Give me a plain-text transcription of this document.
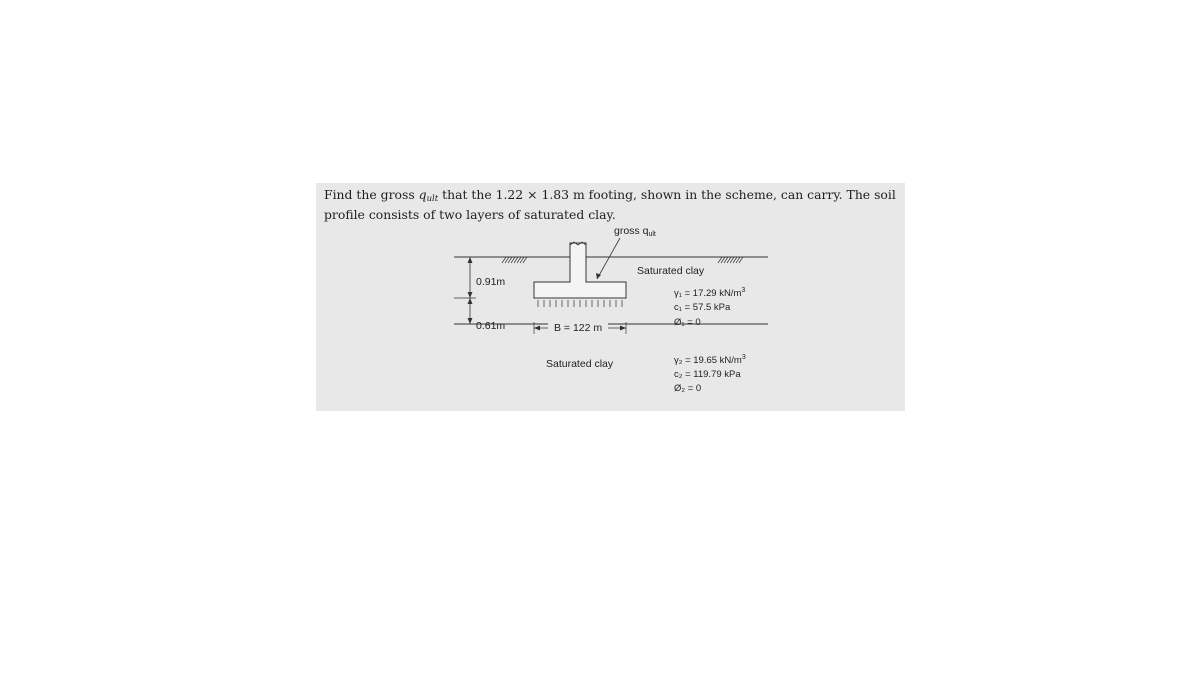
Find the gross $q_{ult}$ that the 1.22 × 1.83 m footing, shown in the scheme, can carry. The soil profile consists of two layers of saturated clay.

gross qult
0.91m
0.61m	B = 122 m
Saturated clay
γ₁ = 17.29 $kN/m^3$
c₁ = 57.5 kPa
Ø₁ = 0
Saturated clay	γ₂ = 19.65 $kN/m^3$
c₂ = 119.79 kPa
Ø₂ = 0
